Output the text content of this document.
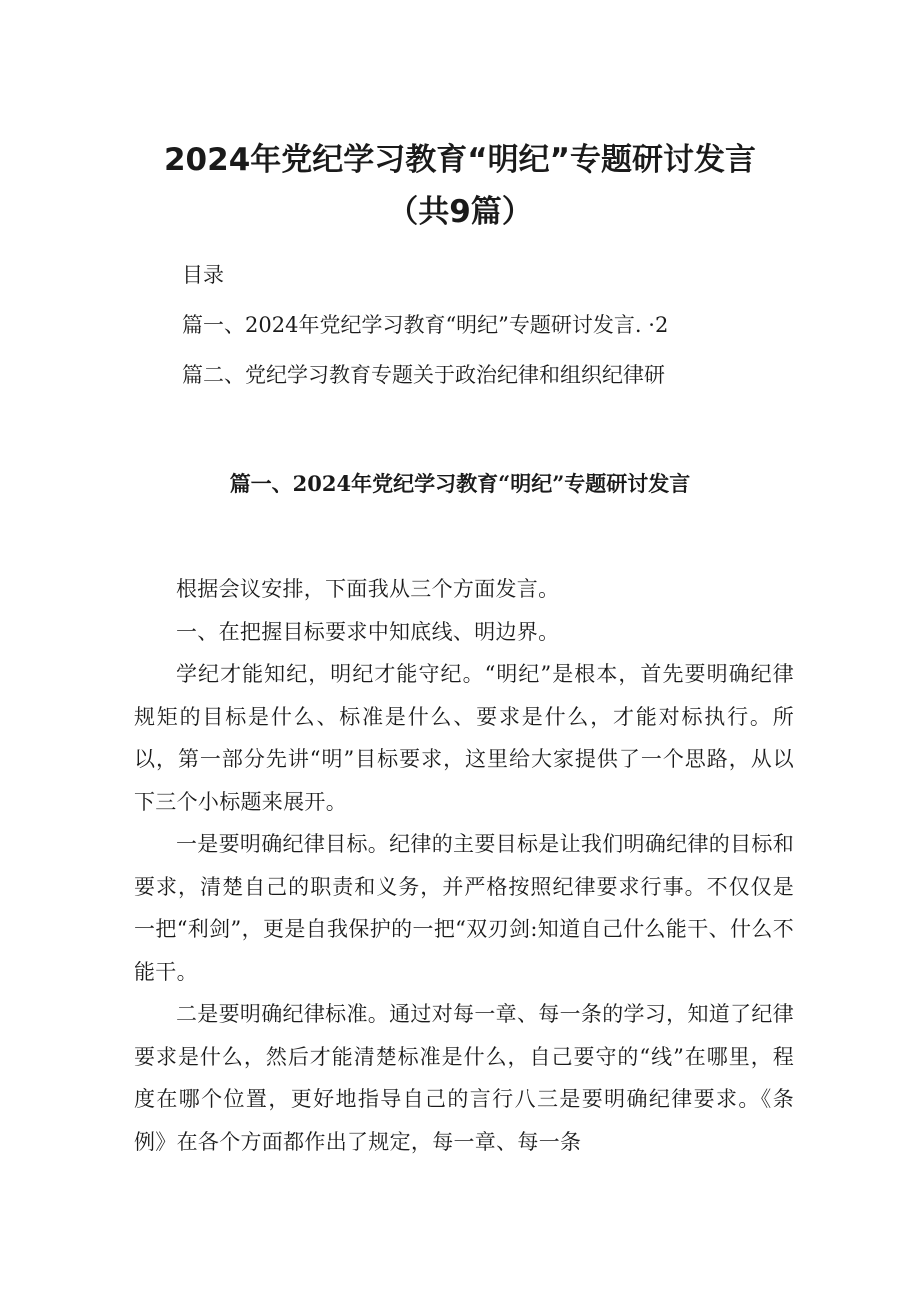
2024年党纪学习教育“明纪”专题研讨发言
（共9篇）
目录
篇一、2024年党纪学习教育“明纪”专题研讨发言. ·2
篇二、党纪学习教育专题关于政治纪律和组织纪律研
篇一、2024年党纪学习教育“明纪”专题研讨发言

根据会议安排，下面我从三个方面发言。

一、在把握目标要求中知底线、明边界。

学纪才能知纪，明纪才能守纪。“明纪”是根本，首先要明确纪律规矩的目标是什么、标准是什么、要求是什么，才能对标执行。所以，第一部分先讲“明”目标要求，这里给大家提供了一个思路，从以下三个小标题来展开。

一是要明确纪律目标。纪律的主要目标是让我们明确纪律的目标和要求，清楚自己的职责和义务，并严格按照纪律要求行事。不仅仅是一把“利剑”，更是自我保护的一把“双刃剑:知道自己什么能干、什么不能干。

二是要明确纪律标准。通过对每一章、每一条的学习，知道了纪律要求是什么，然后才能清楚标准是什么，自己要守的“线”在哪里，程度在哪个位置，更好地指导自己的言行八三是要明确纪律要求。《条例》在各个方面都作出了规定，每一章、每一条
